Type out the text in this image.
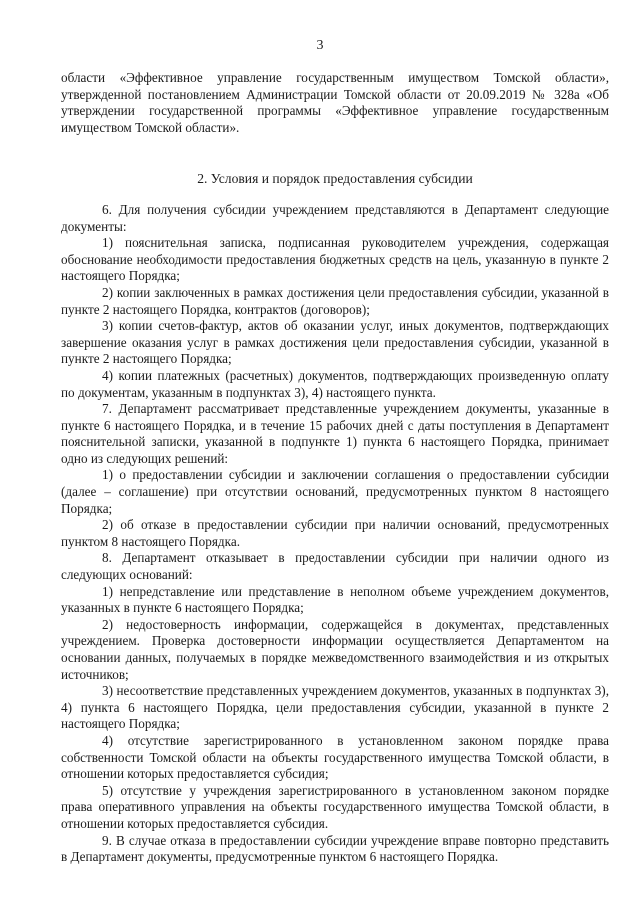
3

области «Эффективное управление государственным имуществом Томской области», утвержденной постановлением Администрации Томской области от 20.09.2019 № 328а «Об утверждении государственной программы «Эффективное управление государственным имуществом Томской области».

2. Условия и порядок предоставления субсидии

6. Для получения субсидии учреждением представляются в Департамент следующие документы:

1) пояснительная записка, подписанная руководителем учреждения, содержащая обоснование необходимости предоставления бюджетных средств на цель, указанную в пункте 2 настоящего Порядка;

2) копии заключенных в рамках достижения цели предоставления субсидии, указанной в пункте 2 настоящего Порядка, контрактов (договоров);

3) копии счетов-фактур, актов об оказании услуг, иных документов, подтверждающих завершение оказания услуг в рамках достижения цели предоставления субсидии, указанной в пункте 2 настоящего Порядка;

4) копии платежных (расчетных) документов, подтверждающих произведенную оплату по документам, указанным в подпунктах 3), 4) настоящего пункта.

7. Департамент рассматривает представленные учреждением документы, указанные в пункте 6 настоящего Порядка, и в течение 15 рабочих дней с даты поступления в Департамент пояснительной записки, указанной в подпункте 1) пункта 6 настоящего Порядка, принимает одно из следующих решений:

1) о предоставлении субсидии и заключении соглашения о предоставлении субсидии (далее – соглашение) при отсутствии оснований, предусмотренных пунктом 8 настоящего Порядка;

2) об отказе в предоставлении субсидии при наличии оснований, предусмотренных пунктом 8 настоящего Порядка.

8. Департамент отказывает в предоставлении субсидии при наличии одного из следующих оснований:

1) непредставление или представление в неполном объеме учреждением документов, указанных в пункте 6 настоящего Порядка;

2) недостоверность информации, содержащейся в документах, представленных учреждением. Проверка достоверности информации осуществляется Департаментом на основании данных, получаемых в порядке межведомственного взаимодействия и из открытых источников;

3) несоответствие представленных учреждением документов, указанных в подпунктах 3), 4) пункта 6 настоящего Порядка, цели предоставления субсидии, указанной в пункте 2 настоящего Порядка;

4) отсутствие зарегистрированного в установленном законом порядке права собственности Томской области на объекты государственного имущества Томской области, в отношении которых предоставляется субсидия;

5) отсутствие у учреждения зарегистрированного в установленном законом порядке права оперативного управления на объекты государственного имущества Томской области, в отношении которых предоставляется субсидия.

9. В случае отказа в предоставлении субсидии учреждение вправе повторно представить в Департамент документы, предусмотренные пунктом 6 настоящего Порядка.
